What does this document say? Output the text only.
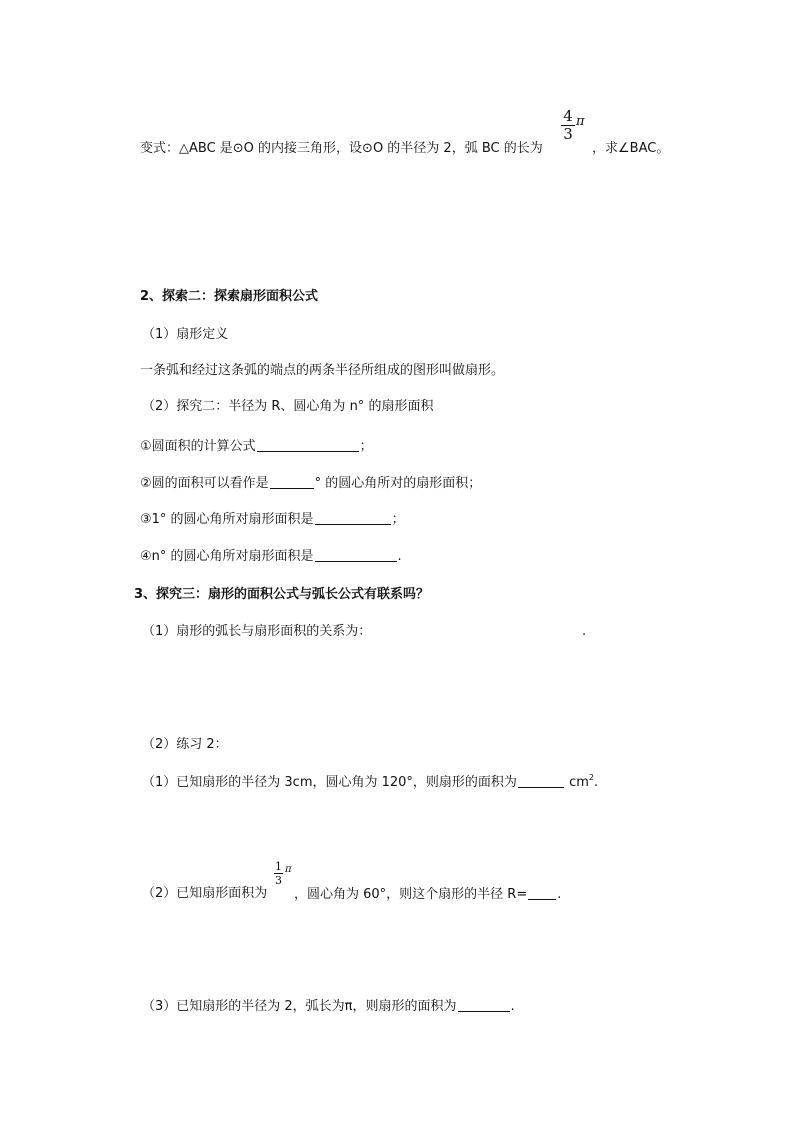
变式：△ABC 是⊙O 的内接三角形，设⊙O 的半径为 2，弧 BC 的长为
4
3
π
，求∠BAC。
2、探索二：探索扇形面积公式
（1）扇形定义
一条弧和经过这条弧的端点的两条半径所组成的图形叫做扇形。
（2）探究二：半径为 R、圆心角为 n° 的扇形面积
①圆面积的计算公式	；
②圆的面积可以看作是	° 的圆心角所对的扇形面积；
③1° 的圆心角所对扇形面积是	；
④n° 的圆心角所对扇形面积是	.
3、探究三：扇形的面积公式与弧长公式有联系吗？
（1）扇形的弧长与扇形面积的关系为：	.
（2）练习 2：
（1）已知扇形的半径为 3cm，圆心角为 120°，则扇形的面积为	$cm^2$.
（2）已知扇形面积为
1
3
π
，圆心角为 60°，则这个扇形的半径 R= .
（3）已知扇形的半径为 2，弧长为π，则扇形的面积为	.
